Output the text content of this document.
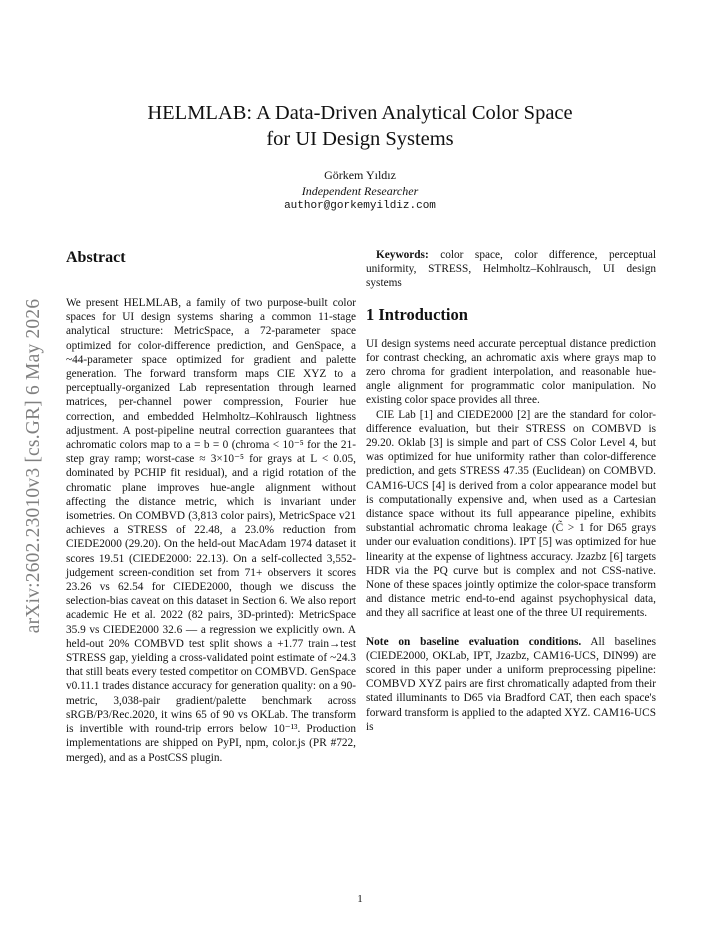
arXiv:2602.23010v3 [cs.GR] 6 May 2026
HELMLAB: A Data-Driven Analytical Color Space
for UI Design Systems
Görkem Yıldız
Independent Researcher
author@gorkemyildiz.com
Abstract

We present HELMLAB, a family of two purpose-built color spaces for UI design systems sharing a common 11-stage analytical structure: MetricSpace, a 72-parameter space optimized for color-difference prediction, and GenSpace, a ~44-parameter space optimized for gradient and palette generation. The forward transform maps CIE XYZ to a perceptually-organized Lab representation through learned matrices, per-channel power compression, Fourier hue correction, and embedded Helmholtz–Kohlrausch lightness adjustment. A post-pipeline neutral correction guarantees that achromatic colors map to a = b = 0 (chroma < 10⁻⁵ for the 21-step gray ramp; worst-case ≈ 3×10⁻⁵ for grays at L < 0.05, dominated by PCHIP fit residual), and a rigid rotation of the chromatic plane improves hue-angle alignment without affecting the distance metric, which is invariant under isometries. On COMBVD (3,813 color pairs), MetricSpace v21 achieves a STRESS of 22.48, a 23.0% reduction from CIEDE2000 (29.20). On the held-out MacAdam 1974 dataset it scores 19.51 (CIEDE2000: 22.13). On a self-collected 3,552-judgement screen-condition set from 71+ observers it scores 23.26 vs 62.54 for CIEDE2000, though we discuss the selection-bias caveat on this dataset in Section 6. We also report academic He et al. 2022 (82 pairs, 3D-printed): MetricSpace 35.9 vs CIEDE2000 32.6 — a regression we explicitly own. A held-out 20% COMBVD test split shows a +1.77 train→test STRESS gap, yielding a cross-validated point estimate of ~24.3 that still beats every tested competitor on COMBVD. GenSpace v0.11.1 trades distance accuracy for generation quality: on a 90-metric, 3,038-pair gradient/palette benchmark across sRGB/P3/Rec.2020, it wins 65 of 90 vs OKLab. The transform is invertible with round-trip errors below 10⁻¹³. Production implementations are shipped on PyPI, npm, color.js (PR #722, merged), and as a PostCSS plugin.

Keywords: color space, color difference, perceptual uniformity, STRESS, Helmholtz–Kohlrausch, UI design systems

1 Introduction

UI design systems need accurate perceptual distance prediction for contrast checking, an achromatic axis where grays map to zero chroma for gradient interpolation, and reasonable hue-angle alignment for programmatic color manipulation. No existing color space provides all three.

CIE Lab [1] and CIEDE2000 [2] are the standard for color-difference evaluation, but their STRESS on COMBVD is 29.20. Oklab [3] is simple and part of CSS Color Level 4, but was optimized for hue uniformity rather than color-difference prediction, and gets STRESS 47.35 (Euclidean) on COMBVD. CAM16-UCS [4] is derived from a color appearance model but is computationally expensive and, when used as a Cartesian distance space without its full appearance pipeline, exhibits substantial achromatic chroma leakage (C̃ > 1 for D65 grays under our evaluation conditions). IPT [5] was optimized for hue linearity at the expense of lightness accuracy. Jzazbz [6] targets HDR via the PQ curve but is complex and not CSS-native. None of these spaces jointly optimize the color-space transform and distance metric end-to-end against psychophysical data, and they all sacrifice at least one of the three UI requirements.

Note on baseline evaluation conditions. All baselines (CIEDE2000, OKLab, IPT, Jzazbz, CAM16-UCS, DIN99) are scored in this paper under a uniform preprocessing pipeline: COMBVD XYZ pairs are first chromatically adapted from their stated illuminants to D65 via Bradford CAT, then each space's forward transform is applied to the adapted XYZ. CAM16-UCS is

1
